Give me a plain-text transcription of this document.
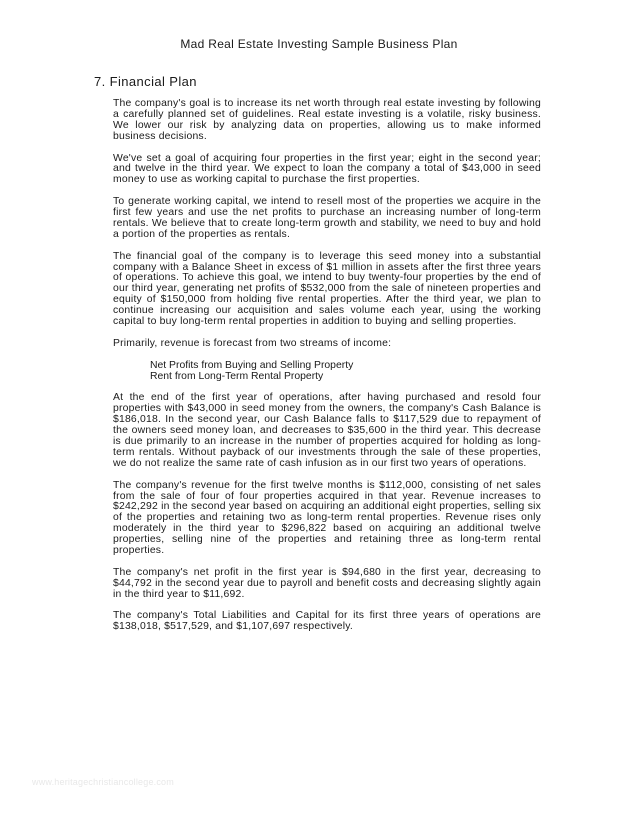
Mad Real Estate Investing Sample Business Plan
7. Financial Plan

The company's goal is to increase its net worth through real estate investing by following a carefully planned set of guidelines. Real estate investing is a volatile, risky business. We lower our risk by analyzing data on properties, allowing us to make informed business decisions.

We've set a goal of acquiring four properties in the first year; eight in the second year; and twelve in the third year. We expect to loan the company a total of $43,000 in seed money to use as working capital to purchase the first properties.

To generate working capital, we intend to resell most of the properties we acquire in the first few years and use the net profits to purchase an increasing number of long-term rentals. We believe that to create long-term growth and stability, we need to buy and hold a portion of the properties as rentals.

The financial goal of the company is to leverage this seed money into a substantial company with a Balance Sheet in excess of $1 million in assets after the first three years of operations. To achieve this goal, we intend to buy twenty-four properties by the end of our third year, generating net profits of $532,000 from the sale of nineteen properties and equity of $150,000 from holding five rental properties. After the third year, we plan to continue increasing our acquisition and sales volume each year, using the working capital to buy long-term rental properties in addition to buying and selling properties.

Primarily, revenue is forecast from two streams of income:

Net Profits from Buying and Selling Property
Rent from Long-Term Rental Property

At the end of the first year of operations, after having purchased and resold four properties with $43,000 in seed money from the owners, the company's Cash Balance is $186,018. In the second year, our Cash Balance falls to $117,529 due to repayment of the owners seed money loan, and decreases to $35,600 in the third year. This decrease is due primarily to an increase in the number of properties acquired for holding as long-term rentals. Without payback of our investments through the sale of these properties, we do not realize the same rate of cash infusion as in our first two years of operations.

The company's revenue for the first twelve months is $112,000, consisting of net sales from the sale of four of four properties acquired in that year. Revenue increases to $242,292 in the second year based on acquiring an additional eight properties, selling six of the properties and retaining two as long-term rental properties. Revenue rises only moderately in the third year to $296,822 based on acquiring an additional twelve properties, selling nine of the properties and retaining three as long-term rental properties.

The company's net profit in the first year is $94,680 in the first year, decreasing to $44,792 in the second year due to payroll and benefit costs and decreasing slightly again in the third year to $11,692.

The company's Total Liabilities and Capital for its first three years of operations are $138,018, $517,529, and $1,107,697 respectively.

www.heritagechristiancollege.com
